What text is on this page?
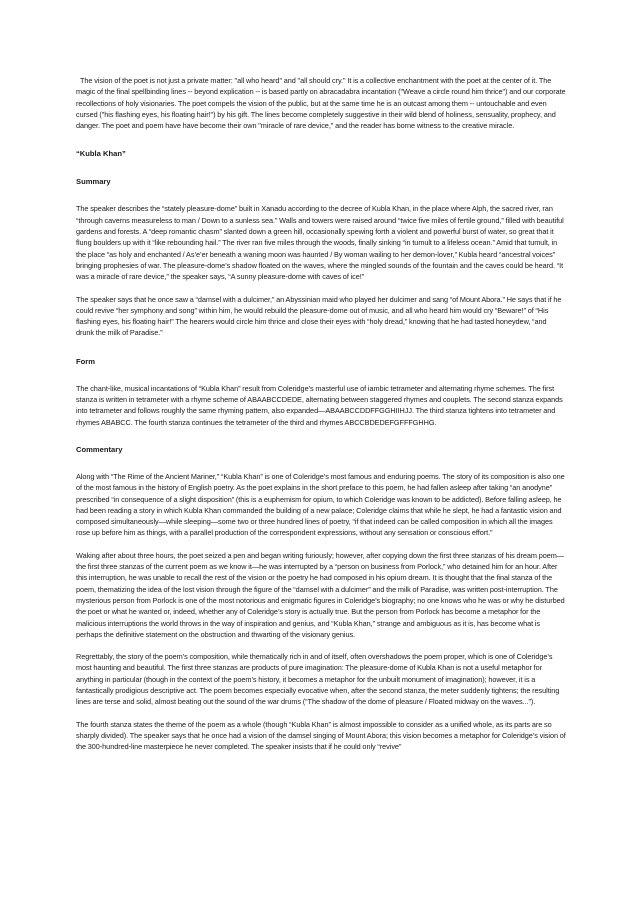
The vision of the poet is not just a private matter: "all who heard" and "all should cry." It is a collective enchantment with the poet at the center of it. The magic of the final spellbinding lines -- beyond explication -- is based partly on abracadabra incantation ("Weave a circle round him thrice") and our corporate recollections of holy visionaries. The poet compels the vision of the public, but at the same time he is an outcast among them -- untouchable and even cursed ("his flashing eyes, his floating hair!") by his gift. The lines become completely suggestive in their wild blend of holiness, sensuality, prophecy, and danger. The poet and poem have have become their own "miracle of rare device," and the reader has borne witness to the creative miracle.

“Kubla Khan”

Summary

The speaker describes the “stately pleasure-dome” built in Xanadu according to the decree of Kubla Khan, in the place where Alph, the sacred river, ran “through caverns measureless to man / Down to a sunless sea.” Walls and towers were raised around “twice five miles of fertile ground,” filled with beautiful gardens and forests. A “deep romantic chasm” slanted down a green hill, occasionally spewing forth a violent and powerful burst of water, so great that it flung boulders up with it “like rebounding hail.” The river ran five miles through the woods, finally sinking “in tumult to a lifeless ocean.” Amid that tumult, in the place “as holy and enchanted / As’e’er beneath a waning moon was haunted / By woman wailing to her demon-lover,” Kubla heard “ancestral voices” bringing prophesies of war. The pleasure-dome’s shadow floated on the waves, where the mingled sounds of the fountain and the caves could be heard. “It was a miracle of rare device,” the speaker says, “A sunny pleasure-dome with caves of ice!”

The speaker says that he once saw a “damsel with a dulcimer,” an Abyssinian maid who played her dulcimer and sang “of Mount Abora.” He says that if he could revive “her symphony and song” within him, he would rebuild the pleasure-dome out of music, and all who heard him would cry “Beware!” of “His flashing eyes, his floating hair!” The hearers would circle him thrice and close their eyes with “holy dread,” knowing that he had tasted honeydew, “and drunk the milk of Paradise.”

Form

The chant-like, musical incantations of “Kubla Khan” result from Coleridge’s masterful use of iambic tetrameter and alternating rhyme schemes. The first stanza is written in tetrameter with a rhyme scheme of ABAABCCDEDE, alternating between staggered rhymes and couplets. The second stanza expands into tetrameter and follows roughly the same rhyming pattern, also expanded—ABAABCCDDFFGGHIIHJJ. The third stanza tightens into tetrameter and rhymes ABABCC. The fourth stanza continues the tetrameter of the third and rhymes ABCCBDEDEFGFFFGHHG.

Commentary

Along with “The Rime of the Ancient Mariner,” “Kubla Khan” is one of Coleridge’s most famous and enduring poems. The story of its composition is also one of the most famous in the history of English poetry. As the poet explains in the short preface to this poem, he had fallen asleep after taking “an anodyne” prescribed “in consequence of a slight disposition” (this is a euphemism for opium, to which Coleridge was known to be addicted). Before falling asleep, he had been reading a story in which Kubla Khan commanded the building of a new palace; Coleridge claims that while he slept, he had a fantastic vision and composed simultaneously—while sleeping—some two or three hundred lines of poetry, “if that indeed can be called composition in which all the images rose up before him as things, with a parallel production of the correspondent expressions, without any sensation or conscious effort.”

Waking after about three hours, the poet seized a pen and began writing furiously; however, after copying down the first three stanzas of his dream poem—the first three stanzas of the current poem as we know it—he was interrupted by a “person on business from Porlock,” who detained him for an hour. After this interruption, he was unable to recall the rest of the vision or the poetry he had composed in his opium dream. It is thought that the final stanza of the poem, thematizing the idea of the lost vision through the figure of the “damsel with a dulcimer” and the milk of Paradise, was written post-interruption. The mysterious person from Porlock is one of the most notorious and enigmatic figures in Coleridge’s biography; no one knows who he was or why he disturbed the poet or what he wanted or, indeed, whether any of Coleridge’s story is actually true. But the person from Porlock has become a metaphor for the malicious interruptions the world throws in the way of inspiration and genius, and “Kubla Khan,” strange and ambiguous as it is, has become what is perhaps the definitive statement on the obstruction and thwarting of the visionary genius.

Regrettably, the story of the poem’s composition, while thematically rich in and of itself, often overshadows the poem proper, which is one of Coleridge’s most haunting and beautiful. The first three stanzas are products of pure imagination: The pleasure-dome of Kubla Khan is not a useful metaphor for anything in particular (though in the context of the poem’s history, it becomes a metaphor for the unbuilt monument of imagination); however, it is a fantastically prodigious descriptive act. The poem becomes especially evocative when, after the second stanza, the meter suddenly tightens; the resulting lines are terse and solid, almost beating out the sound of the war drums (“The shadow of the dome of pleasure / Floated midway on the waves...”).

The fourth stanza states the theme of the poem as a whole (though “Kubla Khan” is almost impossible to consider as a unified whole, as its parts are so sharply divided). The speaker says that he once had a vision of the damsel singing of Mount Abora; this vision becomes a metaphor for Coleridge’s vision of the 300-hundred-line masterpiece he never completed. The speaker insists that if he could only “revive”
